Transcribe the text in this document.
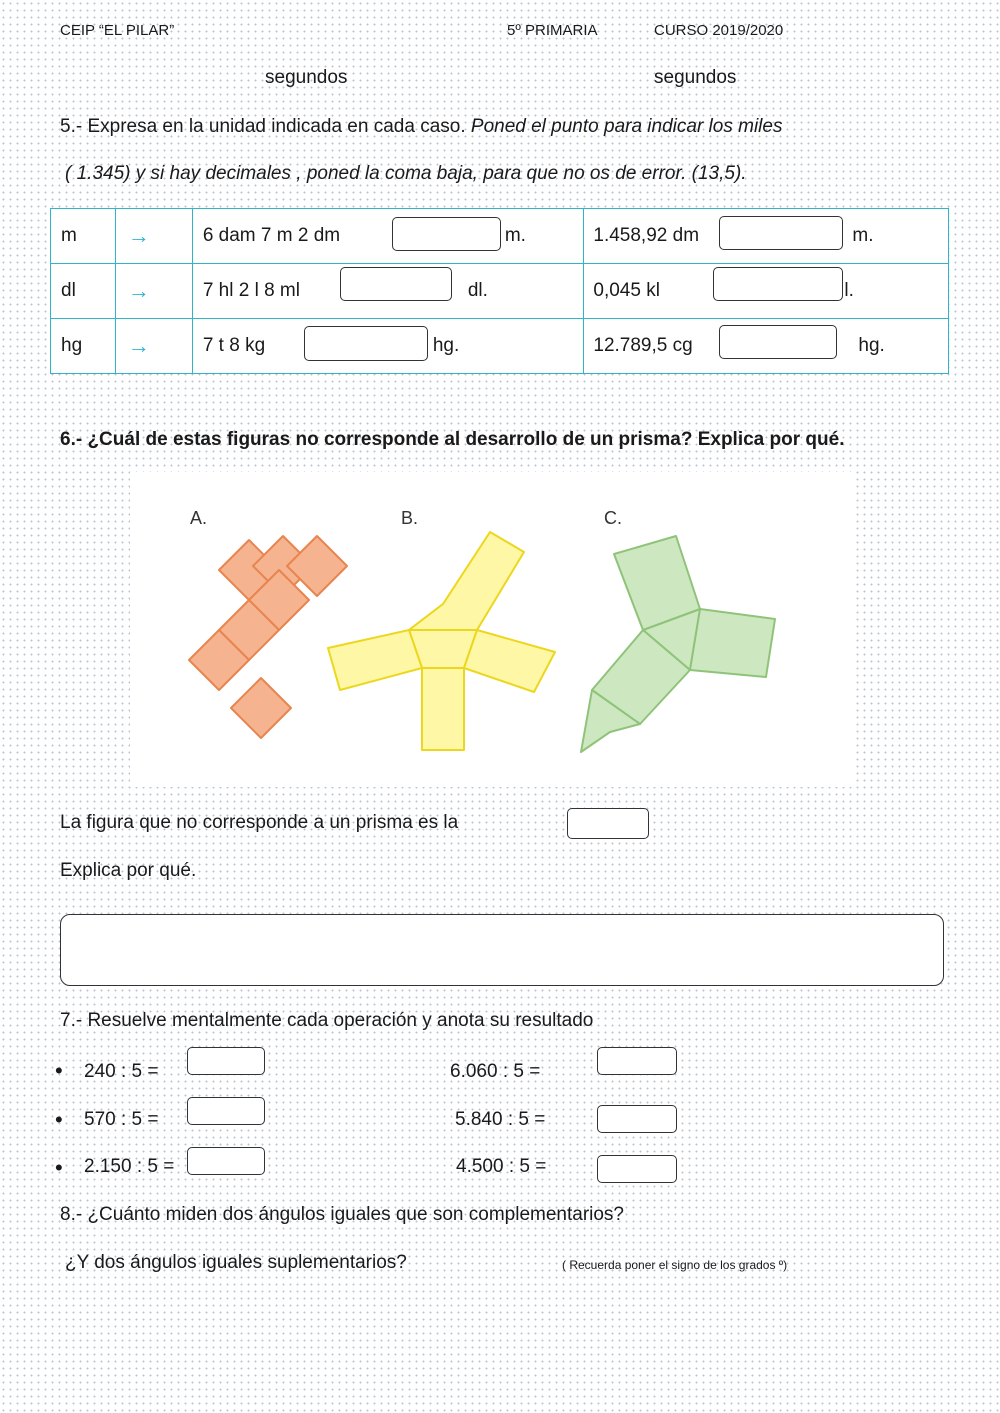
CEIP “EL PILAR”	5º PRIMARIA	CURSO 2019/2020
segundos	segundos
5.- Expresa en la unidad indicada en cada caso. Poned el punto para indicar los miles
( 1.345) y si hay decimales , poned la coma baja, para que no os de error. (13,5).
m	→	6 dam 7 m 2 dm m.	1.458,92 dm m.

dl	→	7 hl 2 l 8 ml dl.	0,045 kl l.

hg	→	7 t 8 kg hg.	12.789,5 cg hg.
6.- ¿Cuál de estas figuras no corresponde al desarrollo de un prisma? Explica por qué.
A.	B.	C.
La figura que no corresponde a un prisma es la
Explica por qué.
7.- Resuelve mentalmente cada operación y anota su resultado
• 240 : 5 =
• 570 : 5 =
• 2.150 : 5 =
6.060 : 5 =
5.840 : 5 =
4.500 : 5 =
8.- ¿Cuánto miden dos ángulos iguales que son complementarios?
¿Y dos ángulos iguales suplementarios?	( Recuerda poner el signo de los grados º)
